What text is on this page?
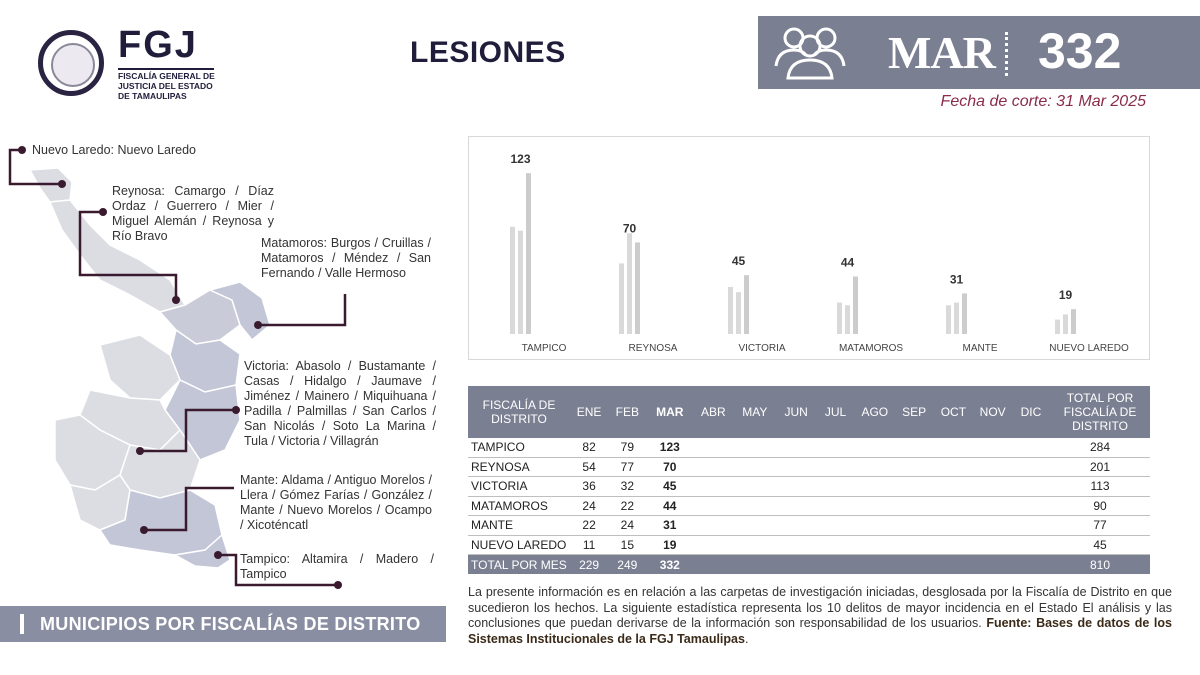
FGJ
FISCALÍA GENERAL DE
JUSTICIA DEL ESTADO
DE TAMAULIPAS
LESIONES	MAR 332
Fecha de corte: 31 Mar 2025
Nuevo Laredo: Nuevo Laredo
Reynosa: Camargo / Díaz Ordaz / Guerrero / Mier / Miguel Alemán / Reynosa y Río Bravo	Matamoros: Burgos / Cruillas / Matamoros / Méndez / San Fernando / Valle Hermoso
Victoria: Abasolo / Bustamante / Casas / Hidalgo / Jaumave / Jiménez / Mainero / Miquihuana / Padilla / Palmillas / San Carlos / San Nicolás / Soto La Marina / Tula / Victoria / Villagrán
Mante: Aldama / Antiguo Morelos / Llera / Gómez Farías / González / Mante / Nuevo Morelos / Ocampo / Xicoténcatl
Tampico: Altamira / Madero / Tampico
MUNICIPIOS POR FISCALÍAS DE DISTRITO
123
TAMPICO
70
REYNOSA
45
VICTORIA
44
MATAMOROS
31
MANTE
19
NUEVO LAREDO
FISCALÍA DE DISTRITO	ENE	FEB	MAR	ABR	MAY	JUN	JUL	AGO	SEP	OCT	NOV	DIC	TOTAL POR FISCALÍA DE DISTRITO
TAMPICO	82	79	123										284
REYNOSA	54	77	70										201
VICTORIA	36	32	45										113
MATAMOROS	24	22	44										90
MANTE	22	24	31										77
NUEVO LAREDO	11	15	19										45
TOTAL POR MES	229	249	332										810
La presente información es en relación a las carpetas de investigación iniciadas, desglosada por la Fiscalía de Distrito en que sucedieron los hechos. La siguiente estadística representa los 10 delitos de mayor incidencia en el Estado El análisis y las conclusiones que puedan derivarse de la información son responsabilidad de los usuarios. Fuente: Bases de datos de los Sistemas Institucionales de la FGJ Tamaulipas.
